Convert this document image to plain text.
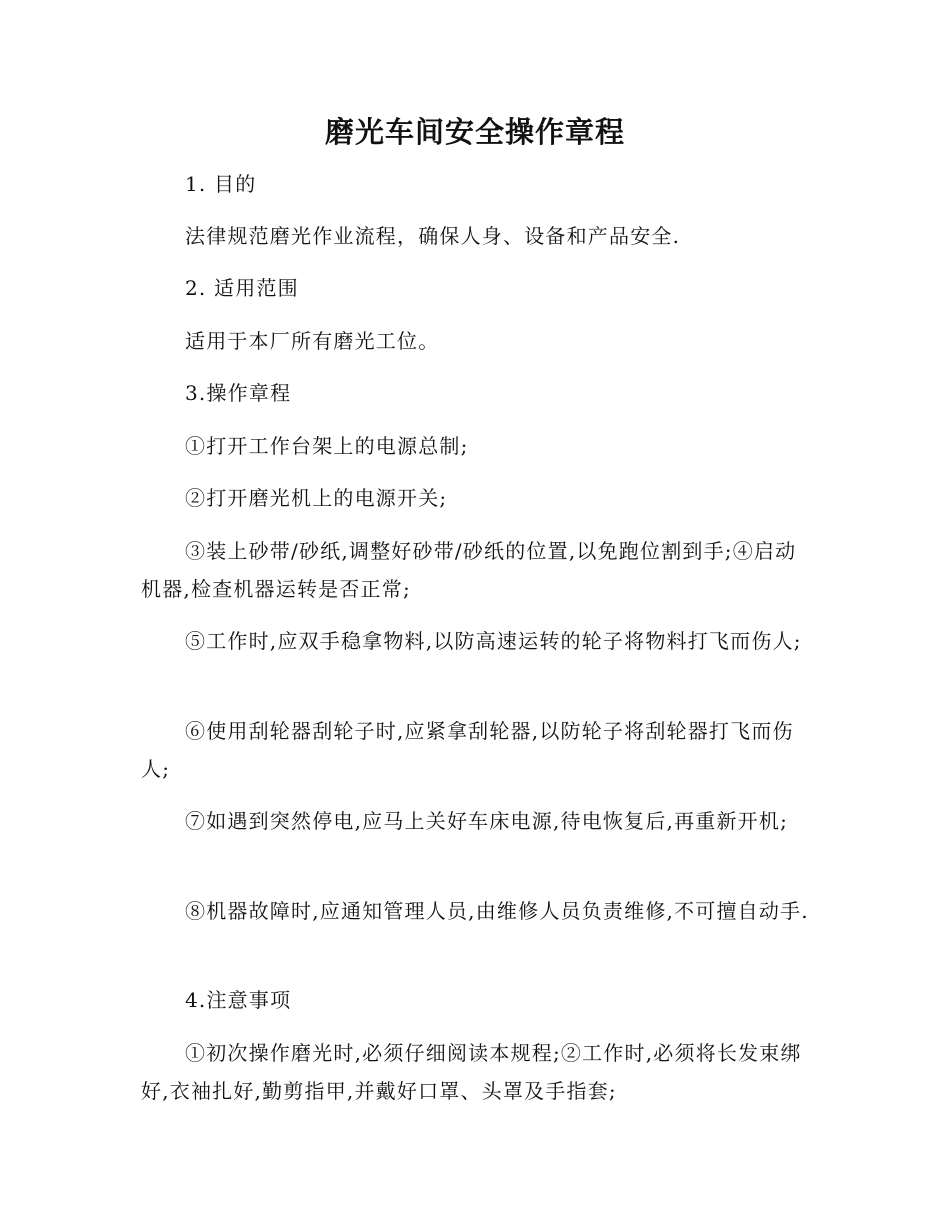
磨光车间安全操作章程
1. 目的
法律规范磨光作业流程，确保人身、设备和产品安全.
2. 适用范围
适用于本厂所有磨光工位。
3.操作章程
①打开工作台架上的电源总制;
②打开磨光机上的电源开关;
③装上砂带/砂纸,调整好砂带/砂纸的位置,以免跑位割到手;④启动机器,检查机器运转是否正常;
⑤工作时,应双手稳拿物料,以防高速运转的轮子将物料打飞而伤人;
⑥使用刮轮器刮轮子时,应紧拿刮轮器,以防轮子将刮轮器打飞而伤人;
⑦如遇到突然停电,应马上关好车床电源,待电恢复后,再重新开机;
⑧机器故障时,应通知管理人员,由维修人员负责维修,不可擅自动手.
4.注意事项
①初次操作磨光时,必须仔细阅读本规程;②工作时,必须将长发束绑好,衣袖扎好,勤剪指甲,并戴好口罩、头罩及手指套;
